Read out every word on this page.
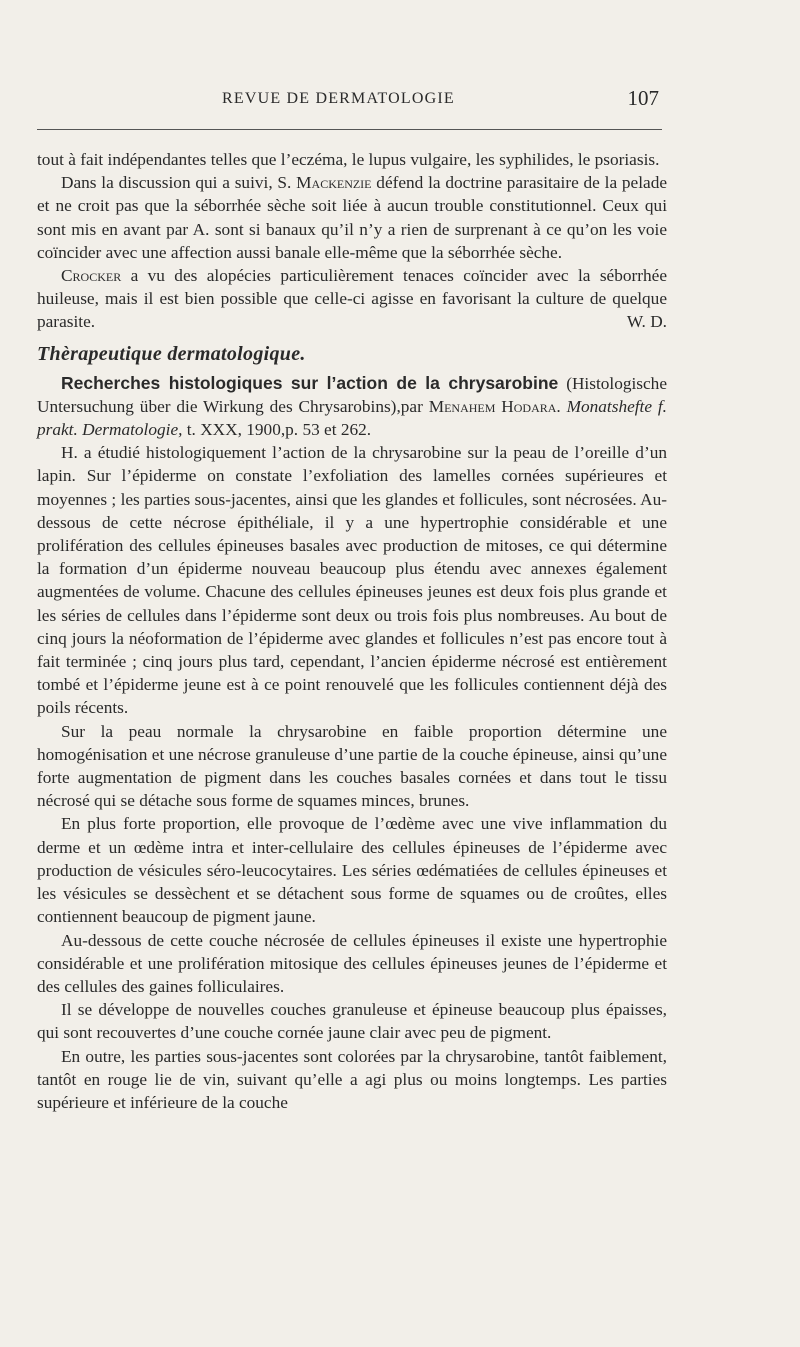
REVUE DE DERMATOLOGIE	107

tout à fait indépendantes telles que l’eczéma, le lupus vulgaire, les syphilides, le psoriasis.

Dans la discussion qui a suivi, S. Mackenzie défend la doctrine parasitaire de la pelade et ne croit pas que la séborrhée sèche soit liée à aucun trouble constitutionnel. Ceux qui sont mis en avant par A. sont si banaux qu’il n’y a rien de surprenant à ce qu’on les voie coïncider avec une affection aussi banale elle-même que la séborrhée sèche.

Crocker a vu des alopécies particulièrement tenaces coïncider avec la séborrhée huileuse, mais il est bien possible que celle-ci agisse en favorisant la culture de quelque parasite.	W. D.

Thèrapeutique dermatologique.

Recherches histologiques sur l’action de la chrysarobine (Histologische Untersuchung über die Wirkung des Chrysarobins),par Menahem Hodara. Monatshefte f. prakt. Dermatologie, t. XXX, 1900,p. 53 et 262.

H. a étudié histologiquement l’action de la chrysarobine sur la peau de l’oreille d’un lapin. Sur l’épiderme on constate l’exfoliation des lamelles cornées supérieures et moyennes ; les parties sous-jacentes, ainsi que les glandes et follicules, sont nécrosées. Au-dessous de cette nécrose épithéliale, il y a une hypertrophie considérable et une prolifération des cellules épineuses basales avec production de mitoses, ce qui détermine la formation d’un épiderme nouveau beaucoup plus étendu avec annexes également augmentées de volume. Chacune des cellules épineuses jeunes est deux fois plus grande et les séries de cellules dans l’épiderme sont deux ou trois fois plus nombreuses. Au bout de cinq jours la néoformation de l’épiderme avec glandes et follicules n’est pas encore tout à fait terminée ; cinq jours plus tard, cependant, l’ancien épiderme nécrosé est entièrement tombé et l’épiderme jeune est à ce point renouvelé que les follicules contiennent déjà des poils récents.

Sur la peau normale la chrysarobine en faible proportion détermine une homogénisation et une nécrose granuleuse d’une partie de la couche épineuse, ainsi qu’une forte augmentation de pigment dans les couches basales cornées et dans tout le tissu nécrosé qui se détache sous forme de squames minces, brunes.

En plus forte proportion, elle provoque de l’œdème avec une vive inflammation du derme et un œdème intra et inter-cellulaire des cellules épineuses de l’épiderme avec production de vésicules séro-leucocytaires. Les séries œdématiées de cellules épineuses et les vésicules se dessèchent et se détachent sous forme de squames ou de croûtes, elles contiennent beaucoup de pigment jaune.

Au-dessous de cette couche nécrosée de cellules épineuses il existe une hypertrophie considérable et une prolifération mitosique des cellules épineuses jeunes de l’épiderme et des cellules des gaines folliculaires.

Il se développe de nouvelles couches granuleuse et épineuse beaucoup plus épaisses, qui sont recouvertes d’une couche cornée jaune clair avec peu de pigment.

En outre, les parties sous-jacentes sont colorées par la chrysarobine, tantôt faiblement, tantôt en rouge lie de vin, suivant qu’elle a agi plus ou moins longtemps. Les parties supérieure et inférieure de la couche
